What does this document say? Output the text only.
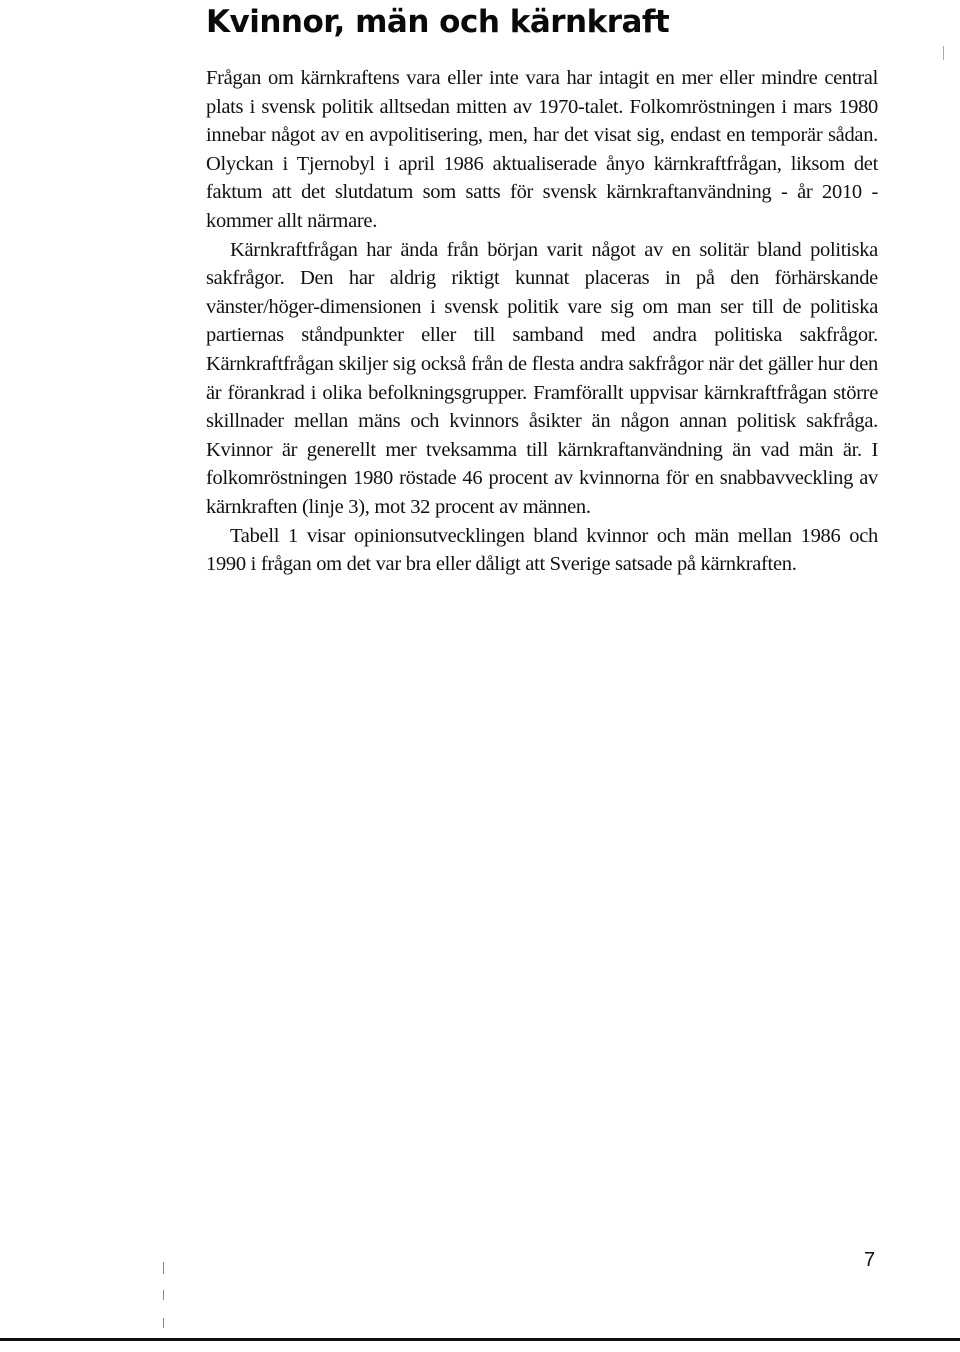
Kvinnor, män och kärnkraft

Frågan om kärnkraftens vara eller inte vara har intagit en mer eller mindre central plats i svensk politik alltsedan mitten av 1970-talet. Folkomröstningen i mars 1980 innebar något av en avpolitisering, men, har det visat sig, endast en temporär sådan. Olyckan i Tjernobyl i april 1986 aktualiserade ånyo kärnkraftfrågan, liksom det faktum att det slutdatum som satts för svensk kärnkraftanvändning - år 2010 - kommer allt närmare.

Kärnkraftfrågan har ända från början varit något av en solitär bland politiska sakfrågor. Den har aldrig riktigt kunnat placeras in på den förhärskande vänster/höger-dimensionen i svensk politik vare sig om man ser till de politiska partiernas ståndpunkter eller till samband med andra politiska sakfrågor. Kärnkraftfrågan skiljer sig också från de flesta andra sakfrågor när det gäller hur den är förankrad i olika befolkningsgrupper. Framförallt uppvisar kärnkraftfrågan större skillnader mellan mäns och kvinnors åsikter än någon annan politisk sakfråga. Kvinnor är generellt mer tveksamma till kärnkraftanvändning än vad män är. I folkomröstningen 1980 röstade 46 procent av kvinnorna för en snabbavveckling av kärnkraften (linje 3), mot 32 procent av männen.

Tabell 1 visar opinionsutvecklingen bland kvinnor och män mellan 1986 och 1990 i frågan om det var bra eller dåligt att Sverige satsade på kärnkraften.

7
